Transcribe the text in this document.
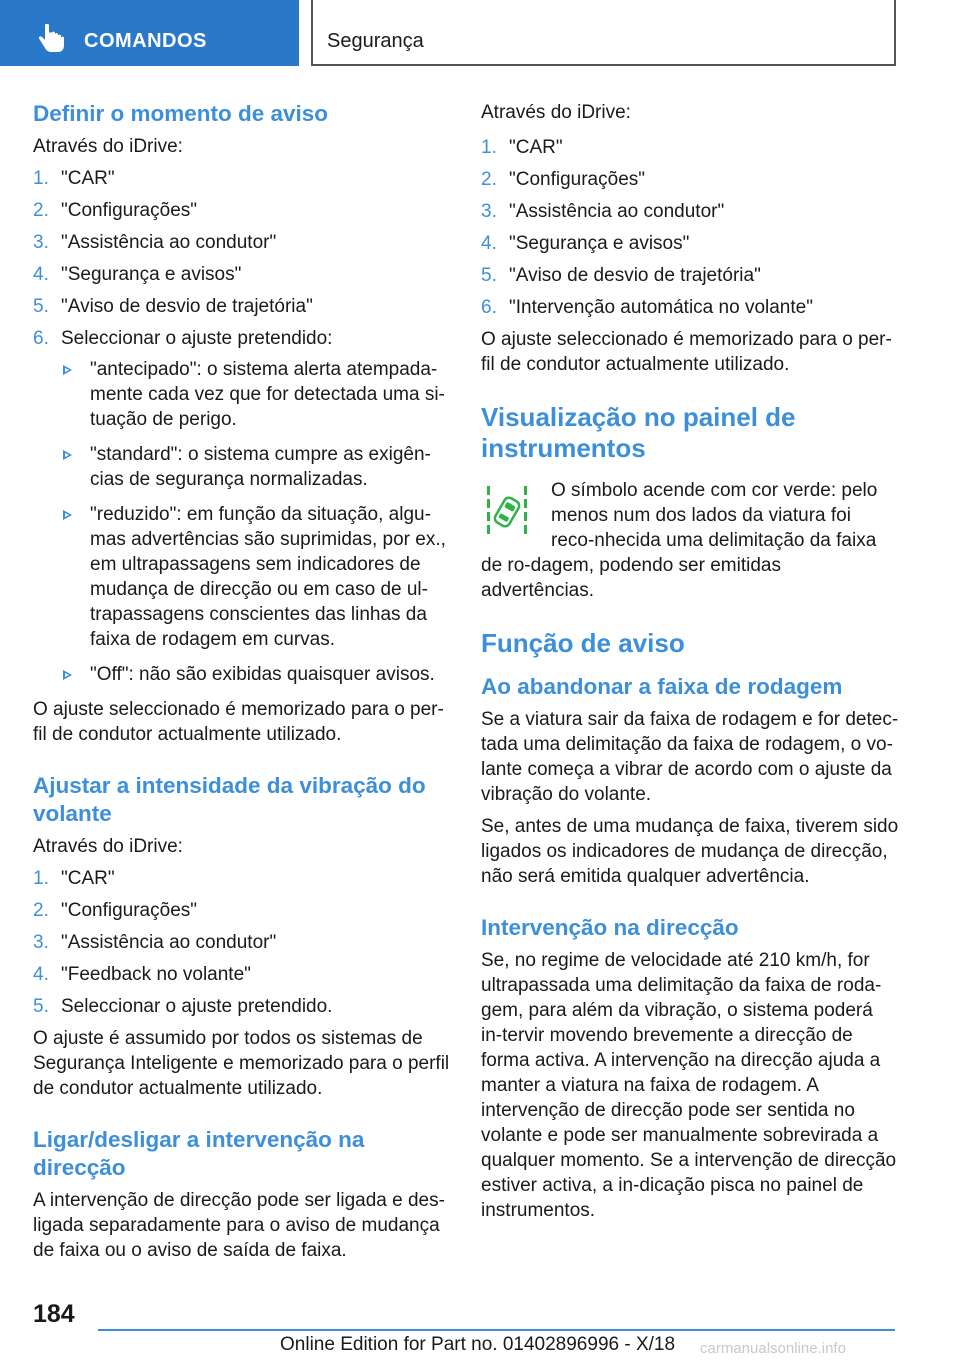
COMANDOS	Segurança
Definir o momento de aviso

Através do iDrive:

1. "CAR"
2. "Configurações"
3. "Assistência ao condutor"
4. "Segurança e avisos"
5. "Aviso de desvio de trajetória"
6. Seleccionar o ajuste pretendido:
"antecipado": o sistema alerta atempada-mente cada vez que for detectada uma si-tuação de perigo.
"standard": o sistema cumpre as exigên-cias de segurança normalizadas.
"reduzido": em função da situação, algu-mas advertências são suprimidas, por ex., em ultrapassagens sem indicadores de mudança de direcção ou em caso de ul-trapassagens conscientes das linhas da faixa de rodagem em curvas.
"Off": não são exibidas quaisquer avisos.

O ajuste seleccionado é memorizado para o per-fil de condutor actualmente utilizado.

Ajustar a intensidade da vibração do volante

Através do iDrive:

1. "CAR"
2. "Configurações"
3. "Assistência ao condutor"
4. "Feedback no volante"
5. Seleccionar o ajuste pretendido.

O ajuste é assumido por todos os sistemas de Segurança Inteligente e memorizado para o perfil de condutor actualmente utilizado.

Ligar/desligar a intervenção na direcção

A intervenção de direcção pode ser ligada e des-ligada separadamente para o aviso de mudança de faixa ou o aviso de saída de faixa.

Através do iDrive:

1. "CAR"
2. "Configurações"
3. "Assistência ao condutor"
4. "Segurança e avisos"
5. "Aviso de desvio de trajetória"
6. "Intervenção automática no volante"

O ajuste seleccionado é memorizado para o per-fil de condutor actualmente utilizado.

Visualização no painel de instrumentos

O símbolo acende com cor verde: pelo menos num dos lados da viatura foi reco-nhecida uma delimitação da faixa de ro-dagem, podendo ser emitidas advertências.

Função de aviso
Ao abandonar a faixa de rodagem

Se a viatura sair da faixa de rodagem e for detec-tada uma delimitação da faixa de rodagem, o vo-lante começa a vibrar de acordo com o ajuste da vibração do volante.

Se, antes de uma mudança de faixa, tiverem sido ligados os indicadores de mudança de direcção, não será emitida qualquer advertência.

Intervenção na direcção

Se, no regime de velocidade até 210 km/h, for ultrapassada uma delimitação da faixa de roda-gem, para além da vibração, o sistema poderá in-tervir movendo brevemente a direcção de forma activa. A intervenção na direcção ajuda a manter a viatura na faixa de rodagem. A intervenção de direcção pode ser sentida no volante e pode ser manualmente sobrevirada a qualquer momento. Se a intervenção de direcção estiver activa, a in-dicação pisca no painel de instrumentos.

184
Online Edition for Part no. 01402896996 - X/18 carmanualsonline.info
